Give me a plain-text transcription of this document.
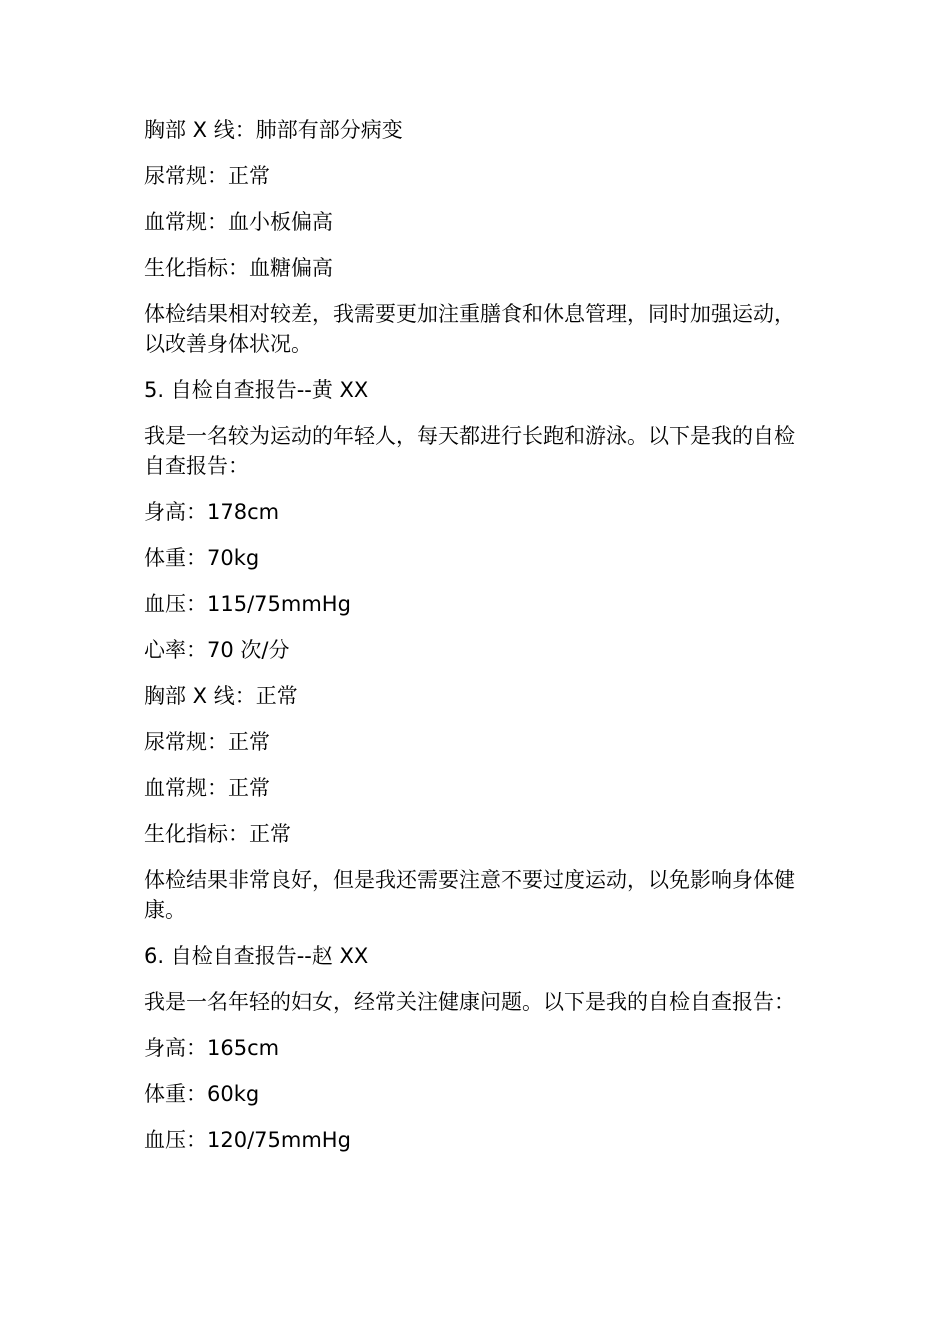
胸部 X 线：肺部有部分病变

尿常规：正常

血常规：血小板偏高

生化指标：血糖偏高

体检结果相对较差，我需要更加注重膳食和休息管理，同时加强运动，以改善身体状况。

5. 自检自查报告--黄 XX

我是一名较为运动的年轻人，每天都进行长跑和游泳。以下是我的自检自查报告：

身高：178cm

体重：70kg

血压：115/75mmHg

心率：70 次/分

胸部 X 线：正常

尿常规：正常

血常规：正常

生化指标：正常

体检结果非常良好，但是我还需要注意不要过度运动，以免影响身体健康。

6. 自检自查报告--赵 XX

我是一名年轻的妇女，经常关注健康问题。以下是我的自检自查报告：

身高：165cm

体重：60kg

血压：120/75mmHg
